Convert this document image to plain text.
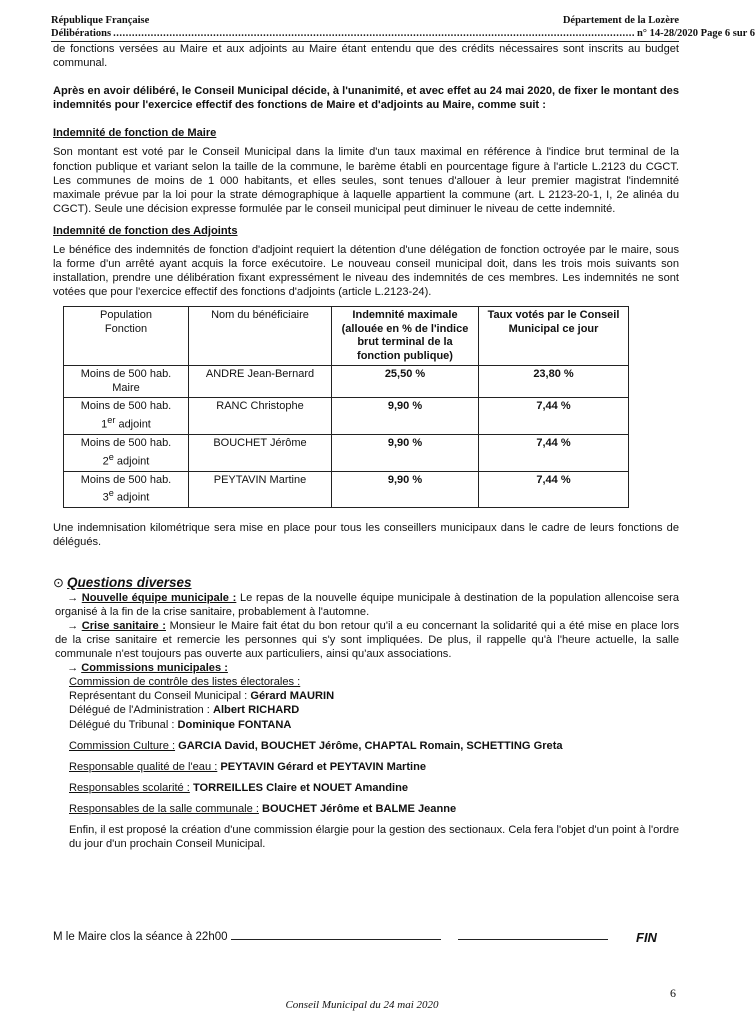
République Française	Département de la Lozère
Délibérations ....................................................................................................................................................................... n° 14-28/2020 Page 6 sur 6

de fonctions versées au Maire et aux adjoints au Maire étant entendu que des crédits nécessaires sont inscrits au budget communal.

Après en avoir délibéré, le Conseil Municipal décide, à l'unanimité, et avec effet au 24 mai 2020, de fixer le montant des indemnités pour l'exercice effectif des fonctions de Maire et d'adjoints au Maire, comme suit :

Indemnité de fonction de Maire

Son montant est voté par le Conseil Municipal dans la limite d'un taux maximal en référence à l'indice brut terminal de la fonction publique et variant selon la taille de la commune, le barème établi en pourcentage figure à l'article L.2123 du CGCT. Les communes de moins de 1 000 habitants, et elles seules, sont tenues d'allouer à leur premier magistrat l'indemnité maximale prévue par la loi pour la strate démographique à laquelle appartient la commune (art. L 2123-20-1, I, 2e alinéa du CGCT). Seule une décision expresse formulée par le conseil municipal peut diminuer le niveau de cette indemnité.

Indemnité de fonction des Adjoints

Le bénéfice des indemnités de fonction d'adjoint requiert la détention d'une délégation de fonction octroyée par le maire, sous la forme d'un arrêté ayant acquis la force exécutoire. Le nouveau conseil municipal doit, dans les trois mois suivants son installation, prendre une délibération fixant expressément le niveau des indemnités de ces membres. Les indemnités ne sont votées que pour l'exercice effectif des fonctions d'adjoints (article L.2123-24).

Population
Fonction	Nom du bénéficiaire	Indemnité maximale (allouée en % de l'indice brut terminal de la fonction publique)	Taux votés par le Conseil Municipal ce jour

Moins de 500 hab.
Maire	ANDRE Jean-Bernard	25,50 %	23,80 %

Moins de 500 hab.
1er adjoint	RANC Christophe	9,90 %	7,44 %

Moins de 500 hab.
2e adjoint	BOUCHET Jérôme	9,90 %	7,44 %

Moins de 500 hab.
3e adjoint	PEYTAVIN Martine	9,90 %	7,44 %

Une indemnisation kilométrique sera mise en place pour tous les conseillers municipaux dans le cadre de leurs fonctions de délégués.

⊙ Questions diverses

→ Nouvelle équipe municipale : Le repas de la nouvelle équipe municipale à destination de la population allencoise sera organisé à la fin de la crise sanitaire, probablement à l'automne.

→ Crise sanitaire : Monsieur le Maire fait état du bon retour qu'il a eu concernant la solidarité qui a été mise en place lors de la crise sanitaire et remercie les personnes qui s'y sont impliquées. De plus, il rappelle qu'à l'heure actuelle, la salle communale n'est toujours pas ouverte aux particuliers, ainsi qu'aux associations.

→ Commissions municipales :

Commission de contrôle des listes électorales :
Représentant du Conseil Municipal : Gérard MAURIN
Délégué de l'Administration : Albert RICHARD
Délégué du Tribunal : Dominique FONTANA
Commission Culture : GARCIA David, BOUCHET Jérôme, CHAPTAL Romain, SCHETTING Greta
Responsable qualité de l'eau : PEYTAVIN Gérard et PEYTAVIN Martine
Responsables scolarité : TORREILLES Claire et NOUET Amandine
Responsables de la salle communale : BOUCHET Jérôme et BALME Jeanne

Enfin, il est proposé la création d'une commission élargie pour la gestion des sectionaux. Cela fera l'objet d'un point à l'ordre du jour d'un prochain Conseil Municipal.

M le Maire clos la séance à 22h00	FIN
6
Conseil Municipal du 24 mai 2020
